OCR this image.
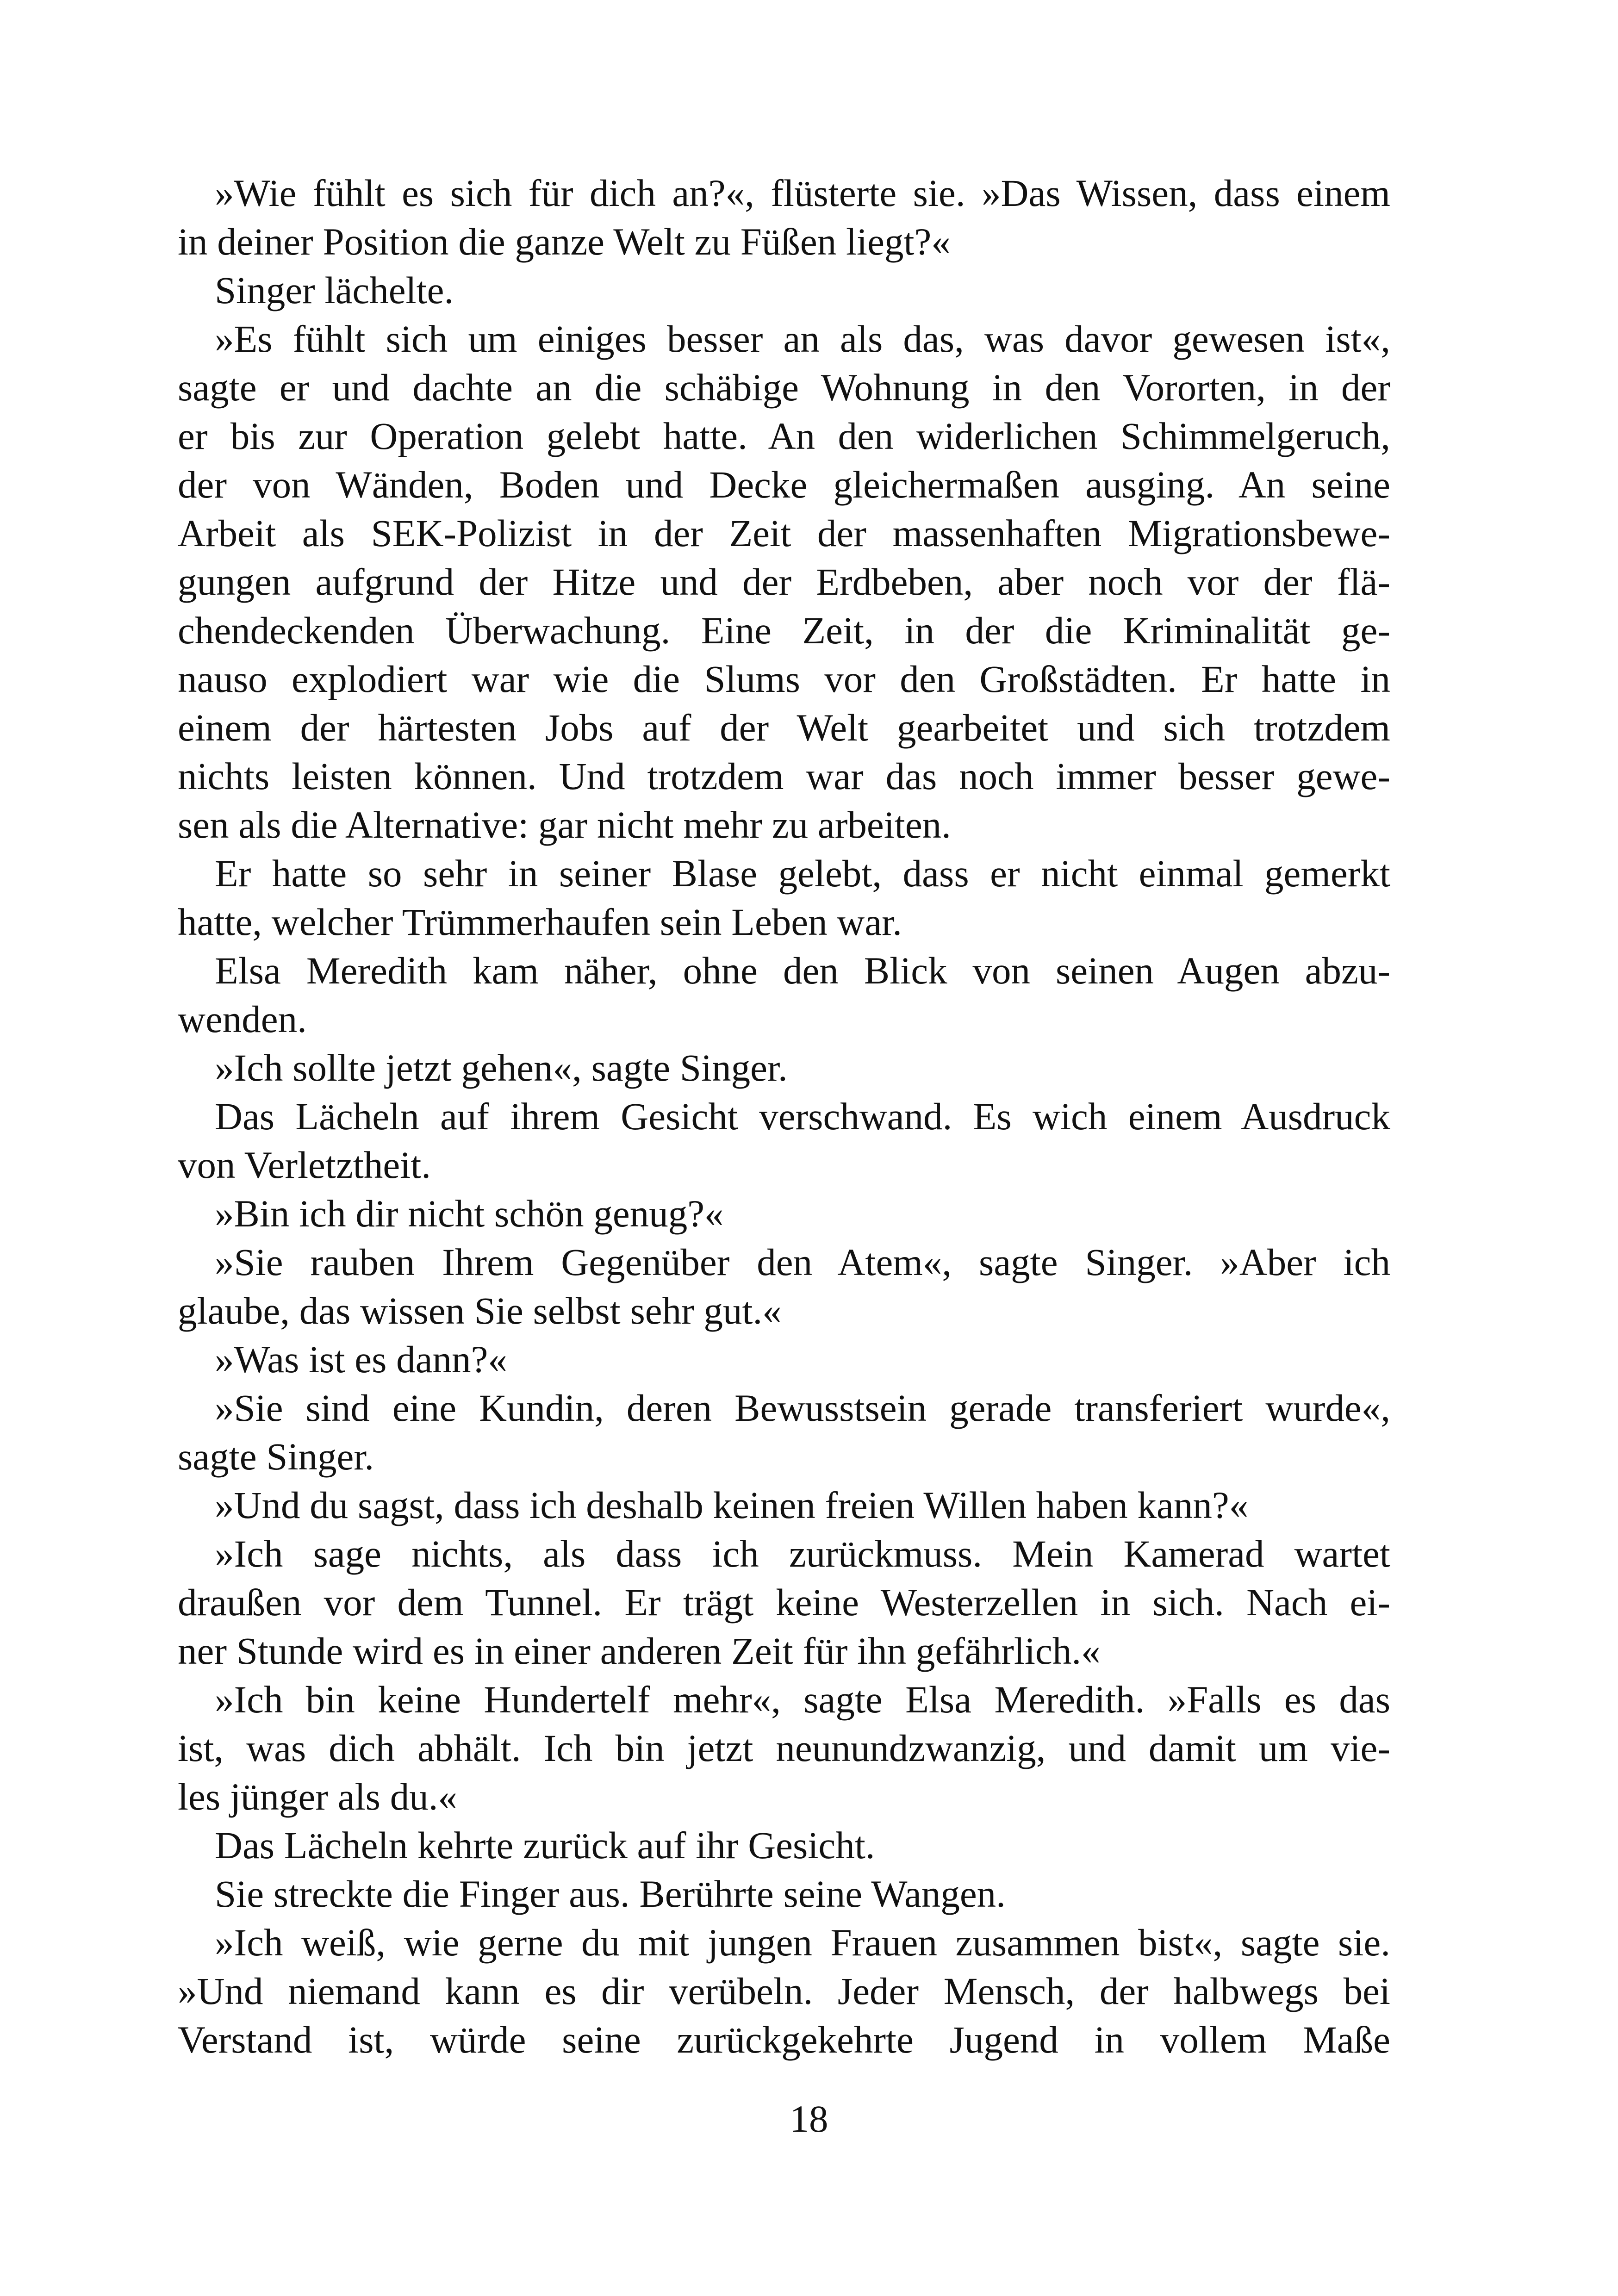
»Wie fühlt es sich für dich an?«, flüsterte sie. »Das Wissen, dass einem
in deiner Position die ganze Welt zu Füßen liegt?«
Singer lächelte.
»Es fühlt sich um einiges besser an als das, was davor gewesen ist«,
sagte er und dachte an die schäbige Wohnung in den Vororten, in der
er bis zur Operation gelebt hatte. An den widerlichen Schimmelgeruch,
der von Wänden, Boden und Decke gleichermaßen ausging. An seine
Arbeit als SEK-Polizist in der Zeit der massenhaften Migrationsbewe-
gungen aufgrund der Hitze und der Erdbeben, aber noch vor der flä-
chendeckenden Überwachung. Eine Zeit, in der die Kriminalität ge-
nauso explodiert war wie die Slums vor den Großstädten. Er hatte in
einem der härtesten Jobs auf der Welt gearbeitet und sich trotzdem
nichts leisten können. Und trotzdem war das noch immer besser gewe-
sen als die Alternative: gar nicht mehr zu arbeiten.
Er hatte so sehr in seiner Blase gelebt, dass er nicht einmal gemerkt
hatte, welcher Trümmerhaufen sein Leben war.
Elsa Meredith kam näher, ohne den Blick von seinen Augen abzu-
wenden.
»Ich sollte jetzt gehen«, sagte Singer.
Das Lächeln auf ihrem Gesicht verschwand. Es wich einem Ausdruck
von Verletztheit.
»Bin ich dir nicht schön genug?«
»Sie rauben Ihrem Gegenüber den Atem«, sagte Singer. »Aber ich
glaube, das wissen Sie selbst sehr gut.«
»Was ist es dann?«
»Sie sind eine Kundin, deren Bewusstsein gerade transferiert wurde«,
sagte Singer.
»Und du sagst, dass ich deshalb keinen freien Willen haben kann?«
»Ich sage nichts, als dass ich zurückmuss. Mein Kamerad wartet
draußen vor dem Tunnel. Er trägt keine Westerzellen in sich. Nach ei-
ner Stunde wird es in einer anderen Zeit für ihn gefährlich.«
»Ich bin keine Hundertelf mehr«, sagte Elsa Meredith. »Falls es das
ist, was dich abhält. Ich bin jetzt neunundzwanzig, und damit um vie-
les jünger als du.«
Das Lächeln kehrte zurück auf ihr Gesicht.
Sie streckte die Finger aus. Berührte seine Wangen.
»Ich weiß, wie gerne du mit jungen Frauen zusammen bist«, sagte sie.
»Und niemand kann es dir verübeln. Jeder Mensch, der halbwegs bei
Verstand ist, würde seine zurückgekehrte Jugend in vollem Maße
18
